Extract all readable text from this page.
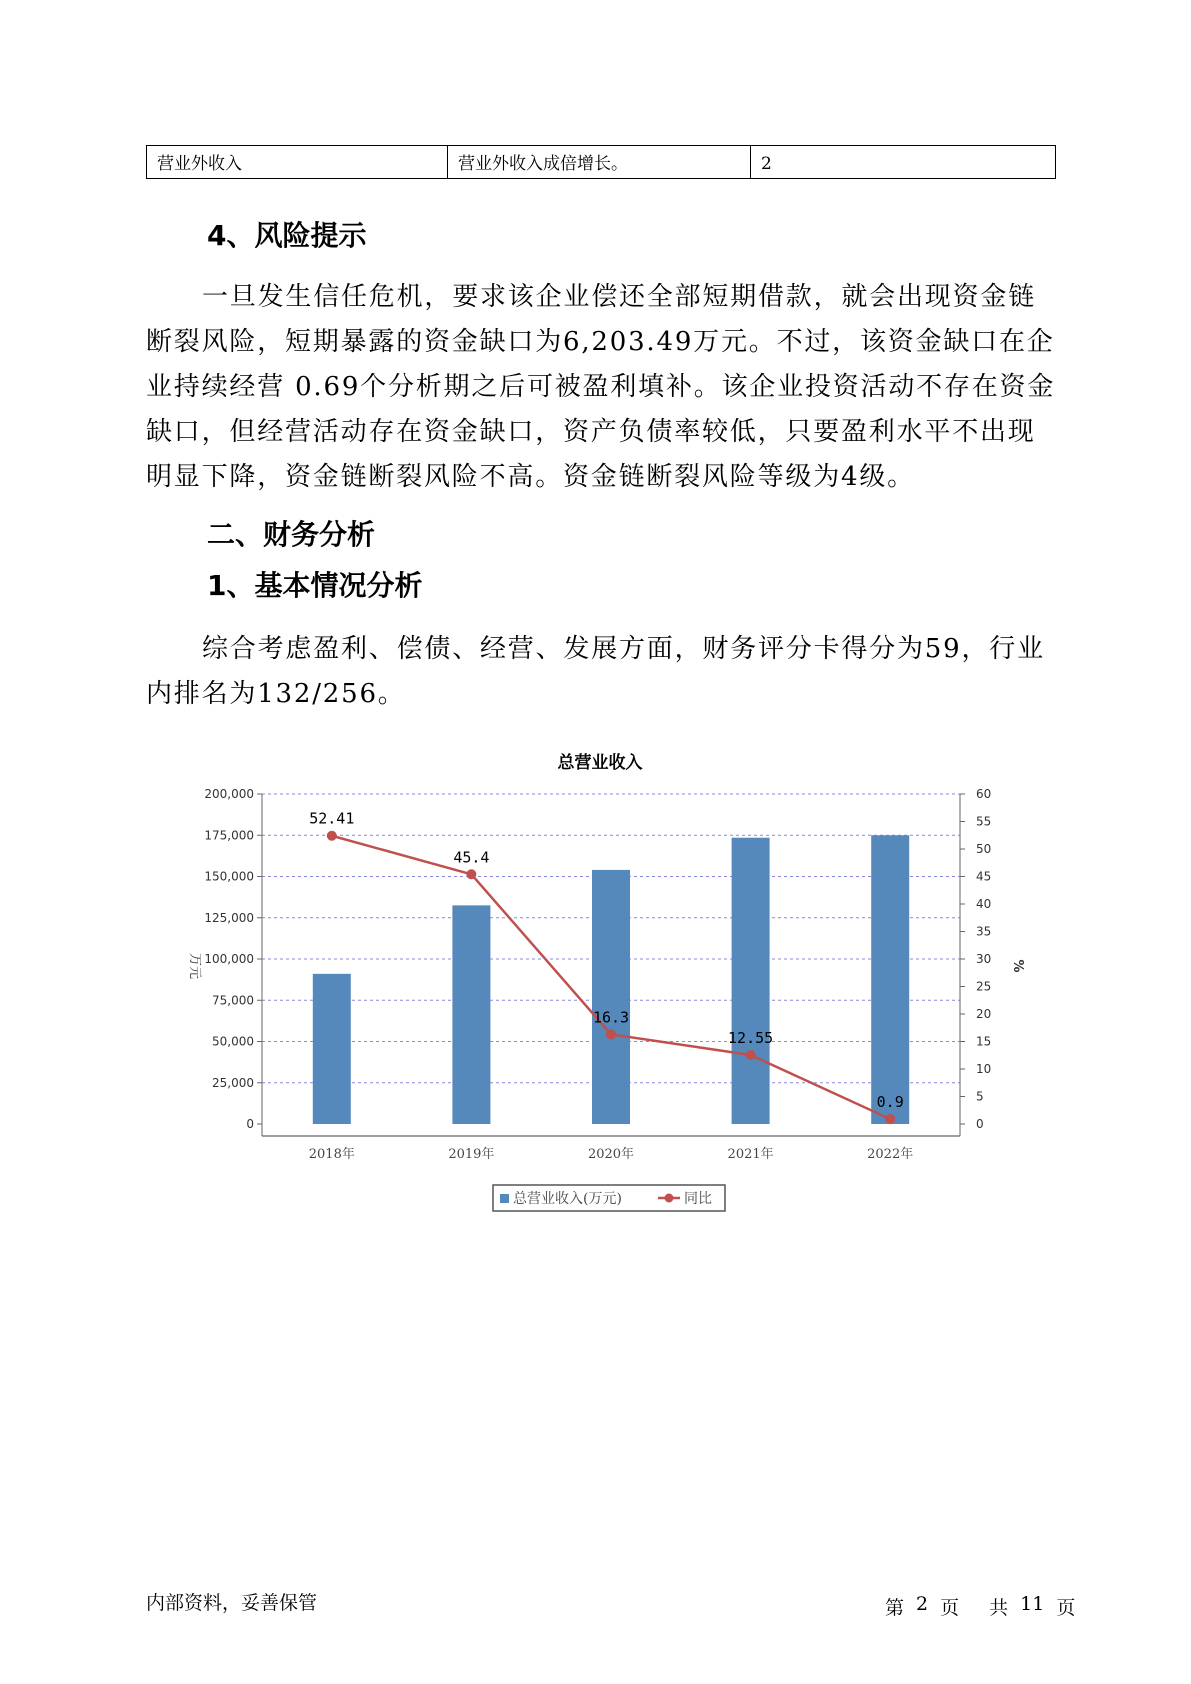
营业外收入	营业外收入成倍增长。	2
4、风险提示

一旦发生信任危机，要求该企业偿还全部短期借款，就会出现资金链断裂风险，短期暴露的资金缺口为6,203.49万元。不过，该资金缺口在企业持续经营 0.69个分析期之后可被盈利填补。该企业投资活动不存在资金缺口，但经营活动存在资金缺口，资产负债率较低，只要盈利水平不出现明显下降，资金链断裂风险不高。资金链断裂风险等级为4级。

二、财务分析
1、基本情况分析

综合考虑盈利、偿债、经营、发展方面，财务评分卡得分为59，行业内排名为132/256。

总营业收入
200,000
175,000
150,000
125,000
100,000
75,000
50,000
25,000
0
60
55
50
45
40
35
30
25
20
15
10
5
0
万元	%
2018年	2019年	2020年	2021年	2022年
52.41
45.4
16.3
12.55
0.9
总营业收入(万元)	同比
内部资料，妥善保管	第 2 页 共 11 页
